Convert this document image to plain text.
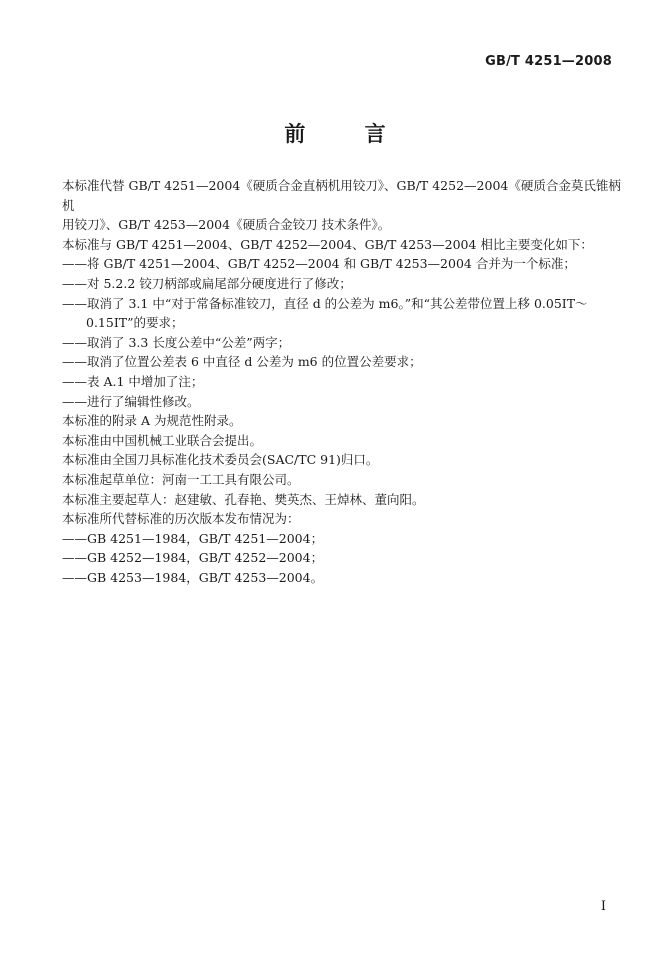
GB/T 4251—2008
前 言

本标准代替 GB/T 4251—2004《硬质合金直柄机用铰刀》、GB/T 4252—2004《硬质合金莫氏锥柄机

用铰刀》、GB/T 4253—2004《硬质合金铰刀 技术条件》。

本标准与 GB/T 4251—2004、GB/T 4252—2004、GB/T 4253—2004 相比主要变化如下：

——将 GB/T 4251—2004、GB/T 4252—2004 和 GB/T 4253—2004 合并为一个标准；

——对 5.2.2 铰刀柄部或扁尾部分硬度进行了修改；

——取消了 3.1 中“对于常备标准铰刀，直径 d 的公差为 m6。”和“其公差带位置上移 0.05IT～

0.15IT”的要求；

——取消了 3.3 长度公差中“公差”两字；

——取消了位置公差表 6 中直径 d 公差为 m6 的位置公差要求；

——表 A.1 中增加了注；

——进行了编辑性修改。

本标准的附录 A 为规范性附录。

本标准由中国机械工业联合会提出。

本标准由全国刀具标准化技术委员会(SAC/TC 91)归口。

本标准起草单位：河南一工工具有限公司。

本标准主要起草人：赵建敏、孔春艳、樊英杰、王焯林、董向阳。

本标准所代替标准的历次版本发布情况为：

——GB 4251—1984，GB/T 4251—2004；

——GB 4252—1984，GB/T 4252—2004；

——GB 4253—1984，GB/T 4253—2004。

I
